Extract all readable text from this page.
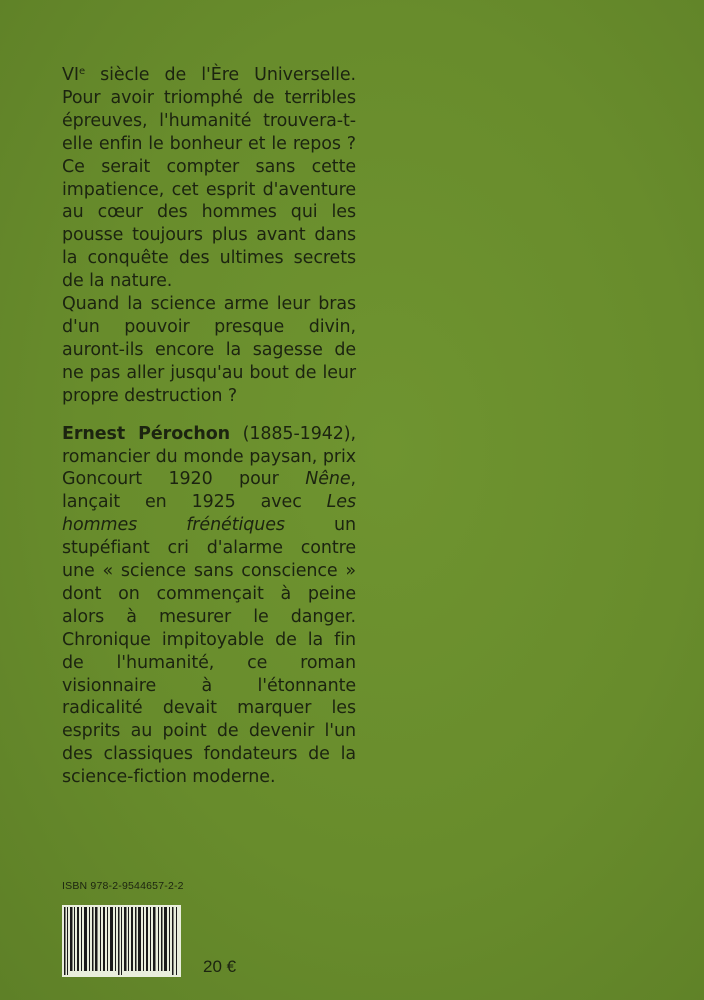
VIe siècle de l'Ère Universelle. Pour avoir triomphé de terribles épreuves, l'humanité trouvera-t-elle enfin le bonheur et le repos ? Ce serait compter sans cette impatience, cet esprit d'aventure au cœur des hommes qui les pousse toujours plus avant dans la conquête des ultimes secrets de la nature.

Quand la science arme leur bras d'un pouvoir presque divin, auront-ils encore la sagesse de ne pas aller jusqu'au bout de leur propre destruction ?

Ernest Pérochon (1885-1942), romancier du monde paysan, prix Goncourt 1920 pour Nêne, lançait en 1925 avec Les hommes frénétiques un stupéfiant cri d'alarme contre une « science sans conscience » dont on commençait à peine alors à mesurer le danger. Chronique impitoyable de la fin de l'humanité, ce roman visionnaire à l'étonnante radicalité devait marquer les esprits au point de devenir l'un des classiques fondateurs de la science-fiction moderne.

ISBN 978-2-9544657-2-2
20 €
